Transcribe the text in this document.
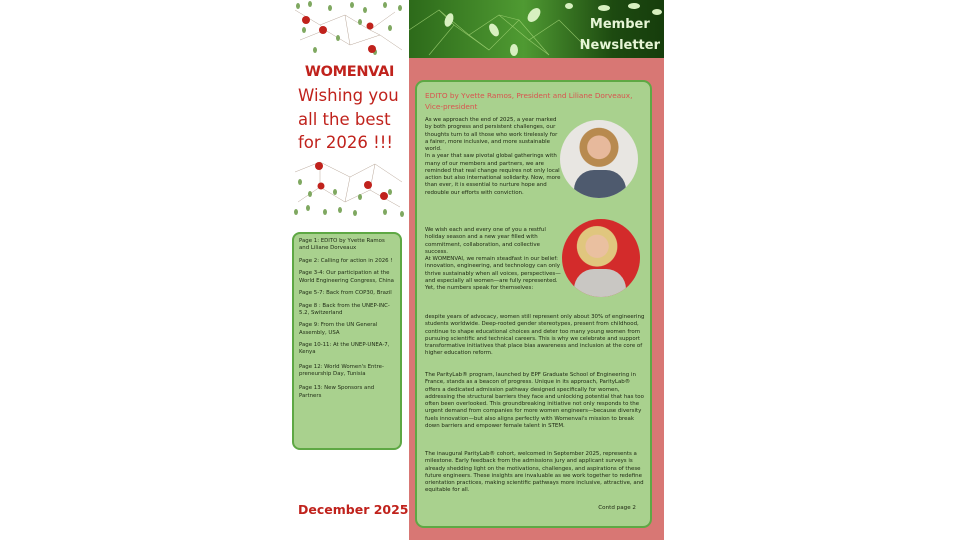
WOMENVAI
Wishing you
all the best
for 2026 !!!
Page 1: EDITO by Yvette Ramos and Liliane Dorveaux
Page 2: Calling for action in 2026 !
Page 3-4: Our participation at the World Engineering Congress, China
Page 5-7: Back from COP30, Brazil
Page 8 : Back from the UNEP-INC-5.2, Switzerland
Page 9: From the UN General Assembly, USA
Page 10-11: At the UNEP-UNEA-7, Kenya
Page 12: World Women's Entre-preneurship Day, Tunisia
Page 13: New Sponsors and Partners
December 2025
Member
Newsletter
EDITO by Yvette Ramos, President and Liliane Dorveaux, Vice-president
As we approach the end of 2025, a year marked by both progress and persistent challenges, our thoughts turn to all those who work tirelessly for a fairer, more inclusive, and more sustainable world.
In a year that saw pivotal global gatherings with many of our members and partners, we are reminded that real change requires not only local action but also international solidarity. Now, more than ever, it is essential to nurture hope and redouble our efforts with conviction.
We wish each and every one of you a restful holiday season and a new year filled with commitment, collaboration, and collective success.
At WOMENVAI, we remain steadfast in our belief: innovation, engineering, and technology can only thrive sustainably when all voices, perspectives—and especially all women—are fully represented. Yet, the numbers speak for themselves:
despite years of advocacy, women still represent only about 30% of engineering students worldwide. Deep-rooted gender stereotypes, present from childhood, continue to shape educational choices and deter too many young women from pursuing scientific and technical careers. This is why we celebrate and support transformative initiatives that place bias awareness and inclusion at the core of higher education reform.
The ParityLab® program, launched by EPF Graduate School of Engineering in France, stands as a beacon of progress. Unique in its approach, ParityLab® offers a dedicated admission pathway designed specifically for women, addressing the structural barriers they face and unlocking potential that has too often been overlooked. This groundbreaking initiative not only responds to the urgent demand from companies for more women engineers—because diversity fuels innovation—but also aligns perfectly with Womenvai's mission to break down barriers and empower female talent in STEM.
The inaugural ParityLab® cohort, welcomed in September 2025, represents a milestone. Early feedback from the admissions jury and applicant surveys is already shedding light on the motivations, challenges, and aspirations of these future engineers. These insights are invaluable as we work together to redefine orientation practices, making scientific pathways more inclusive, attractive, and equitable for all.
Contd page 2
